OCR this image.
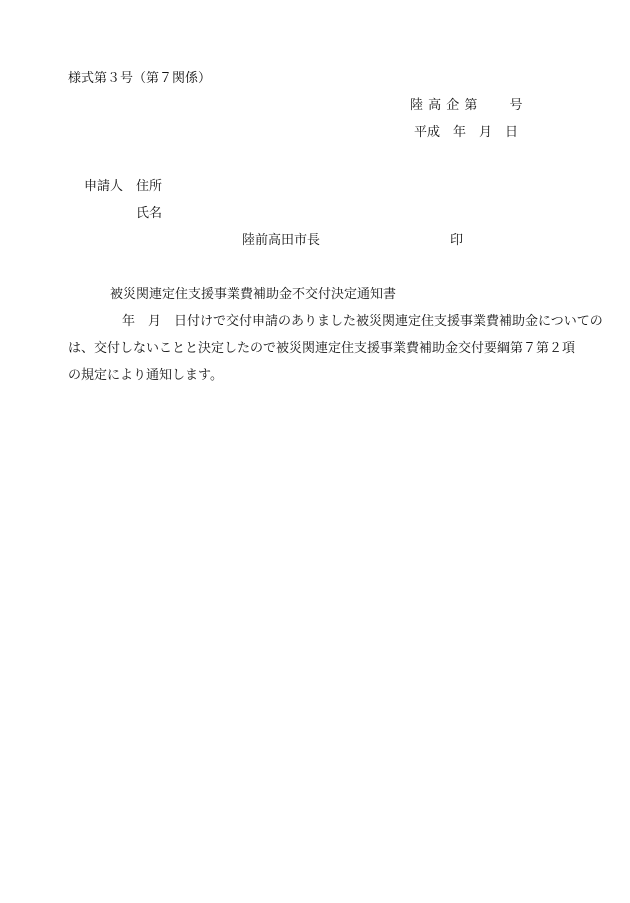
様式第３号（第７関係）
陸 高 企 第　　 号
平成　年　月　日
申請人　住所
氏名
陸前高田市長　　　　　　　　　　印
被災関連定住支援事業費補助金不交付決定通知書
年　月　日付けで交付申請のありました被災関連定住支援事業費補助金についての
は、交付しないことと決定したので被災関連定住支援事業費補助金交付要綱第７第２項
の規定により通知します。
